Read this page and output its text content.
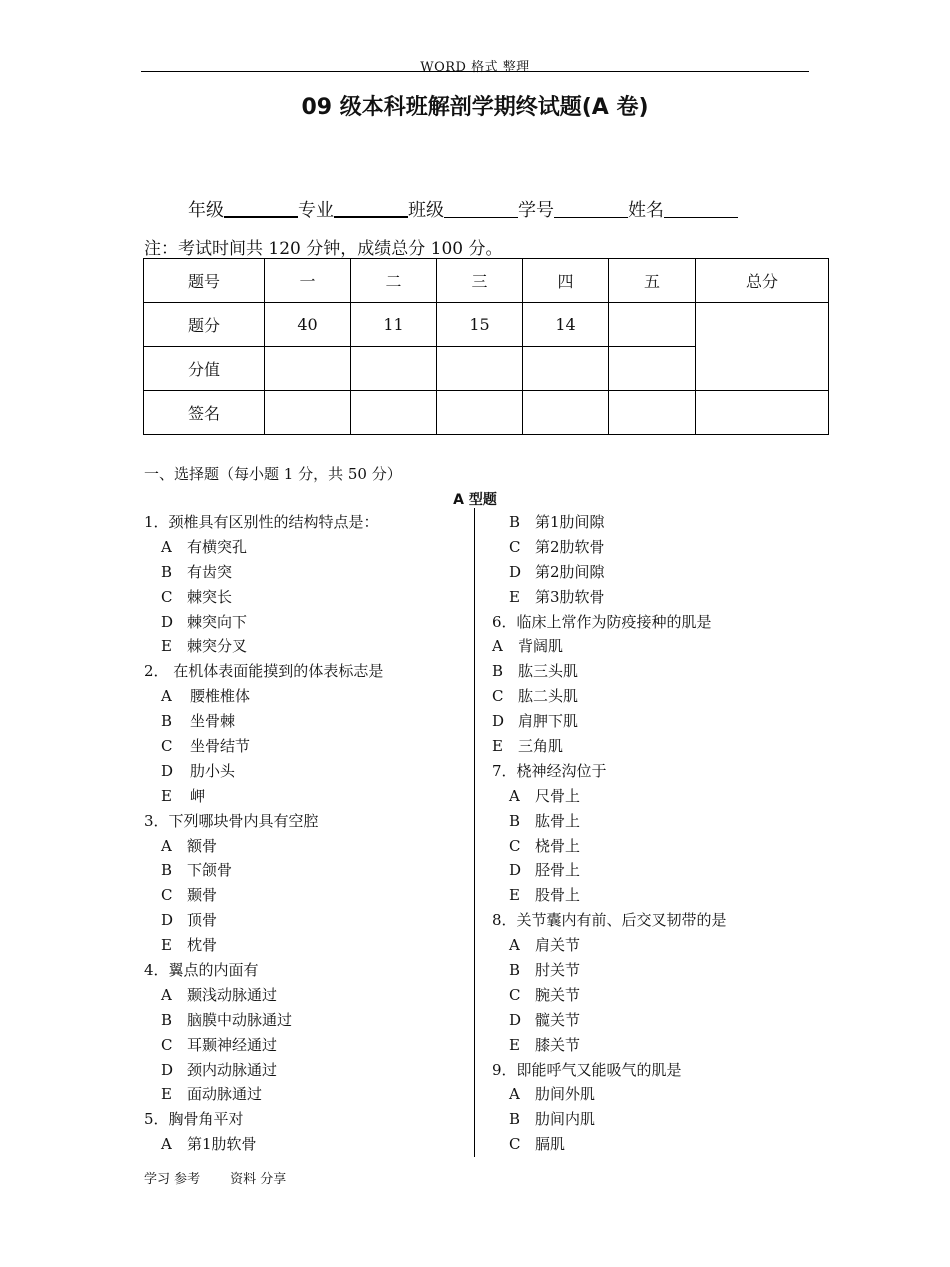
WORD 格式 整理
09 级本科班解剖学期终试题(A 卷)
年级	专业	班级	学号	姓名
注：考试时间共 120 分钟，成绩总分 100 分。
题号	一	二	三	四	五	总分
题分	40	11	15	14		
分值						
签名						
一、选择题（每小题 1 分，共 50 分）
A 型题
1．颈椎具有区别性的结构特点是：
A 有横突孔
B 有齿突
C 棘突长
D 棘突向下
E 棘突分叉
2． 在机体表面能摸到的体表标志是
A 腰椎椎体
B 坐骨棘
C 坐骨结节
D 肋小头
E 岬
3．下列哪块骨内具有空腔
A 额骨
B 下颌骨
C 颞骨
D 顶骨
E 枕骨
4．翼点的内面有
A 颞浅动脉通过
B 脑膜中动脉通过
C 耳颞神经通过
D 颈内动脉通过
E 面动脉通过
5．胸骨角平对
A 第1肋软骨
B 第1肋间隙
C 第2肋软骨
D 第2肋间隙
E 第3肋软骨
6．临床上常作为防疫接种的肌是
A 背阔肌
B 肱三头肌
C 肱二头肌
D 肩胛下肌
E 三角肌
7．桡神经沟位于
A 尺骨上
B 肱骨上
C 桡骨上
D 胫骨上
E 股骨上
8．关节囊内有前、后交叉韧带的是
A 肩关节
B 肘关节
C 腕关节
D 髋关节
E 膝关节
9．即能呼气又能吸气的肌是
A 肋间外肌
B 肋间内肌
C 膈肌
学习 参考 资料 分享
